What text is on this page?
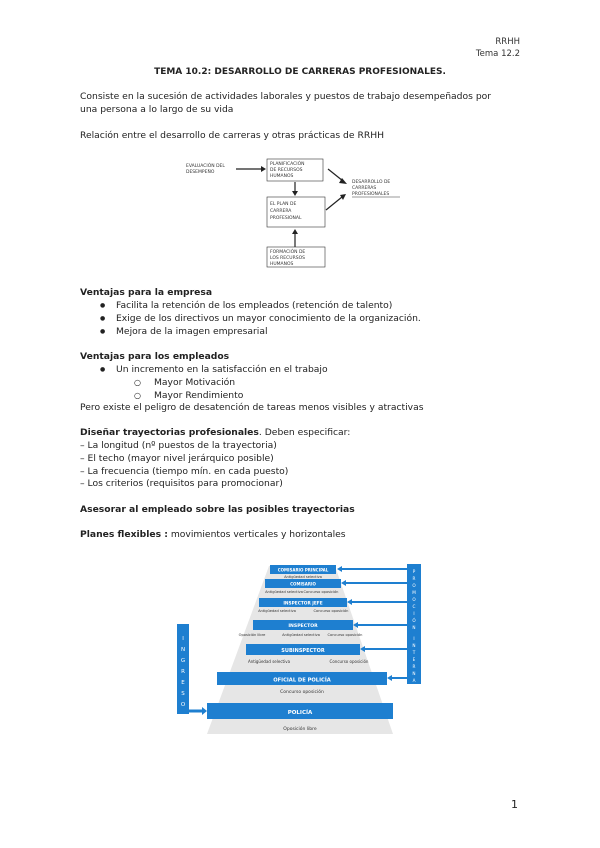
RRHH
Tema 12.2
TEMA 10.2: DESARROLLO DE CARRERAS PROFESIONALES.
Consiste en la sucesión de actividades laborales y puestos de trabajo desempeñados por
una persona a lo largo de su vida
Relación entre el desarrollo de carreras y otras prácticas de RRHH
EVALUACIÓN DEL
DESEMPEÑO
PLANIFICACIÓN
DE RECURSOS
HUMANOS
EL PLAN DE
CARRERA
PROFESIONAL
FORMACIÓN DE
LOS RECURSOS
HUMANOS
DESARROLLO DE
CARRERAS
PROFESIONALES
Ventajas para la empresa
● Facilita la retención de los empleados (retención de talento)
● Exige de los directivos un mayor conocimiento de la organización.
● Mejora de la imagen empresarial
Ventajas para los empleados
● Un incremento en la satisfacción en el trabajo
○ Mayor Motivación
○ Mayor Rendimiento
Pero existe el peligro de desatención de tareas menos visibles y atractivas
Diseñar trayectorias profesionales. Deben especificar:
– La longitud (nº puestos de la trayectoria)
– El techo (mayor nivel jerárquico posible)
– La frecuencia (tiempo mín. en cada puesto)
– Los criterios (requisitos para promocionar)
Asesorar al empleado sobre las posibles trayectorias
Planes flexibles : movimientos verticales y horizontales
COMISARIO PRINCIPAL
Antigüedad selectiva
COMISARIO
Antigüedad selectiva Concurso oposición
INSPECTOR JEFE
Antigüedad selectiva	Concurso oposición
INSPECTOR
Oposición libre	Antigüedad selectiva Concurso oposición
SUBINSPECTOR
Antigüedad selectiva	Concurso oposición
OFICIAL DE POLICÍA
Concurso oposición
POLICÍA
Oposición libre
I
N
G
R
E
S
O
P
R
O
M
O
C
I
Ó
N
I
N
T
E
R
N
A
1
